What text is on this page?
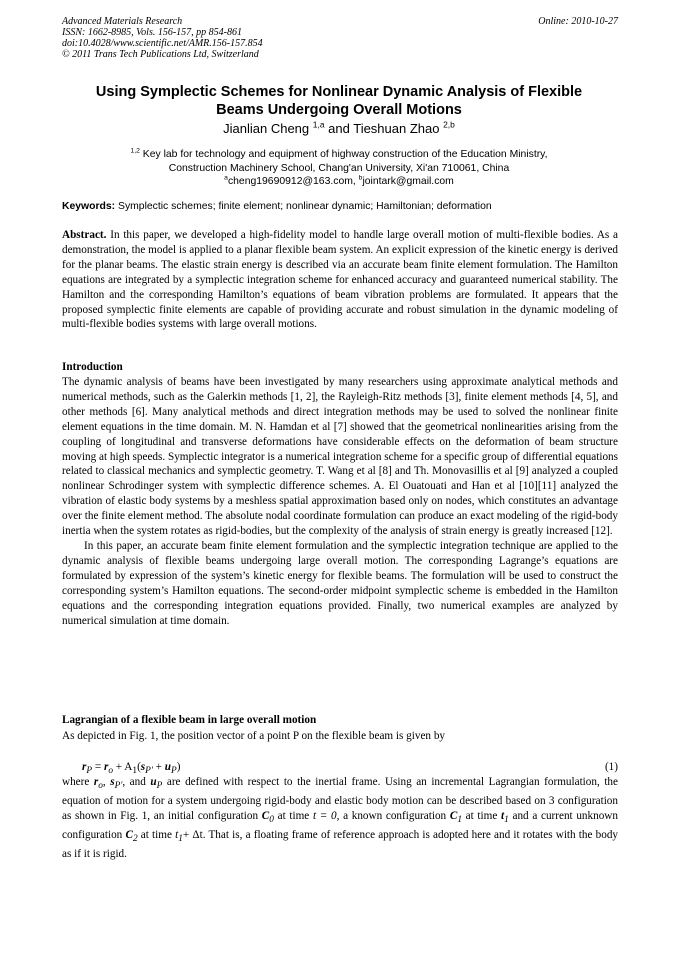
Advanced Materials Research
ISSN: 1662-8985, Vols. 156-157, pp 854-861
doi:10.4028/www.scientific.net/AMR.156-157.854
© 2011 Trans Tech Publications Ltd, Switzerland
Online: 2010-10-27
Using Symplectic Schemes for Nonlinear Dynamic Analysis of Flexible
Beams Undergoing Overall Motions
Jianlian Cheng $^{1,a}$ and Tieshuan Zhao $^{2,b}$
$^{1,2}$ Key lab for technology and equipment of highway construction of the Education Ministry,
Construction Machinery School, Chang'an University, Xi'an 710061, China
$^a$cheng19690912@163.com, $^b$jointark@gmail.com
Keywords: Symplectic schemes; finite element; nonlinear dynamic; Hamiltonian; deformation
Abstract. In this paper, we developed a high-fidelity model to handle large overall motion of multi-flexible bodies. As a demonstration, the model is applied to a planar flexible beam system. An explicit expression of the kinetic energy is derived for the planar beams. The elastic strain energy is described via an accurate beam finite element formulation. The Hamilton equations are integrated by a symplectic integration scheme for enhanced accuracy and guaranteed numerical stability. The Hamilton and the corresponding Hamilton’s equations of beam vibration problems are formulated. It appears that the proposed symplectic finite elements are capable of providing accurate and robust simulation in the dynamic modeling of multi-flexible bodies systems with large overall motions.
Introduction

The dynamic analysis of beams have been investigated by many researchers using approximate analytical methods and numerical methods, such as the Galerkin methods [1, 2], the Rayleigh-Ritz methods [3], finite element methods [4, 5], and other methods [6]. Many analytical methods and direct integration methods may be used to solved the nonlinear finite element equations in the time domain. M. N. Hamdan et al [7] showed that the geometrical nonlinearities arising from the coupling of longitudinal and transverse deformations have considerable effects on the deformation of beam structure moving at high speeds. Symplectic integrator is a numerical integration scheme for a specific group of differential equations related to classical mechanics and symplectic geometry. T. Wang et al [8] and Th. Monovasillis et al [9] analyzed a coupled nonlinear Schrodinger system with symplectic difference schemes. A. El Ouatouati and Han et al [10][11] analyzed the vibration of elastic body systems by a meshless spatial approximation based only on nodes, which constitutes an advantage over the finite element method. The absolute nodal coordinate formulation can produce an exact modeling of the rigid-body inertia when the system rotates as rigid-bodies, but the complexity of the analysis of strain energy is greatly increased [12].

In this paper, an accurate beam finite element formulation and the symplectic integration technique are applied to the dynamic analysis of flexible beams undergoing large overall motion. The corresponding Lagrange’s equations are formulated by expression of the system’s kinetic energy for flexible beams. The formulation will be used to construct the corresponding system’s Hamilton equations. The second-order midpoint symplectic scheme is embedded in the Hamilton equations and the corresponding integration equations provided. Finally, two numerical examples are analyzed by numerical simulation at time domain.

Lagrangian of a flexible beam in large overall motion
As depicted in Fig. 1, the position vector of a point P on the flexible beam is given by
$r_P = r_o + A_1(s_{P'} + u_P)$	(1)
where $r_o$, $s_{P'}$, and $u_P$ are defined with respect to the inertial frame. Using an incremental Lagrangian formulation, the equation of motion for a system undergoing rigid-body and elastic body motion can be described based on 3 configuration as shown in Fig. 1, an initial configuration $C_0$ at time t = 0, a known configuration $C_1$ at time $t_1$ and a current unknown configuration $C_2$ at time $t_1+ \Delta t$. That is, a floating frame of reference approach is adopted here and it rotates with the body as if it is rigid.
